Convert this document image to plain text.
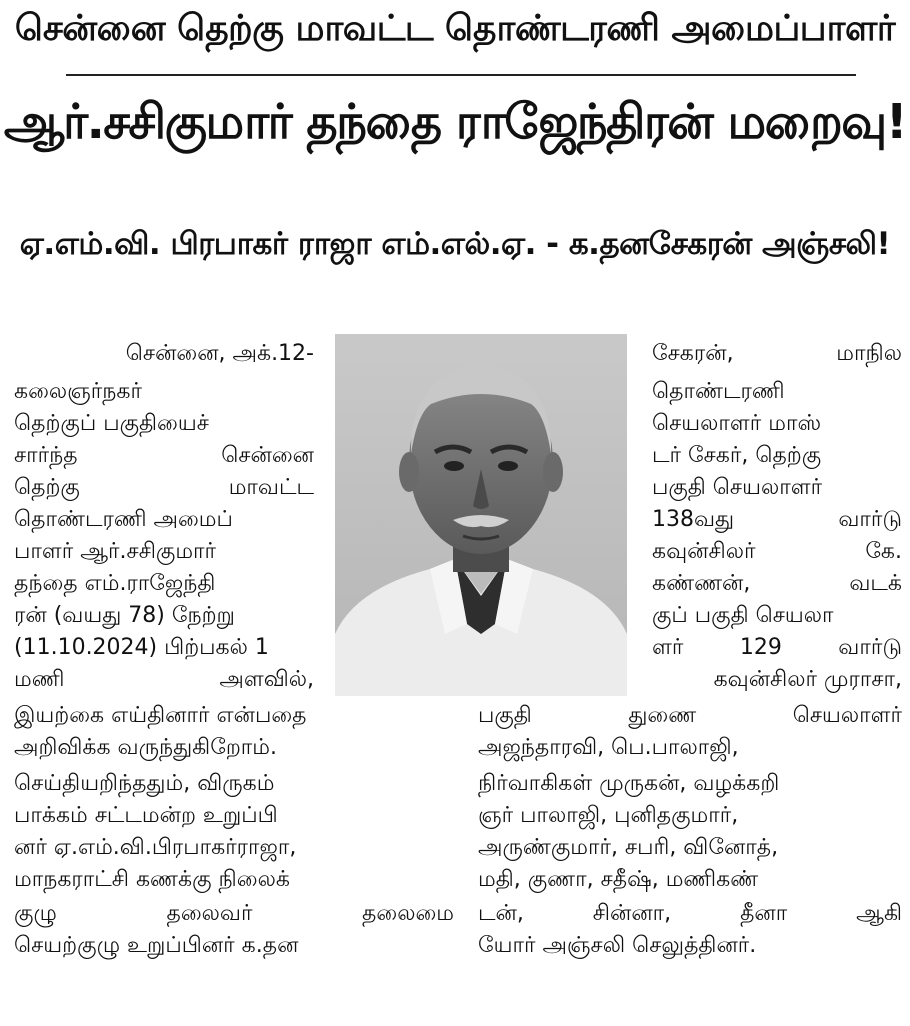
சென்னை தெற்கு மாவட்ட தொண்டரணி அமைப்பாளர்
ஆர்.சசிகுமார் தந்தை ராஜேந்திரன் மறைவு!
ஏ.எம்.வி. பிரபாகர் ராஜா எம்.எல்.ஏ. - க.தனசேகரன் அஞ்சலி!
சென்னை, அக்.12-
கலைஞர்நகர்
தெற்குப் பகுதியைச்
சார்ந்த சென்னை
தெற்கு மாவட்ட
தொண்டரணி அமைப்
பாளர் ஆர்.சசிகுமார்
தந்தை எம்.ராஜேந்தி
ரன் (வயது 78) நேற்று
(11.10.2024) பிற்பகல் 1
மணி அளவில்,
இயற்கை எய்தினார் என்பதை
அறிவிக்க வருந்துகிறோம்.
செய்தியறிந்ததும், விருகம்
பாக்கம் சட்டமன்ற உறுப்பி
னர் ஏ.எம்.வி.பிரபாகர்ராஜா,
மாநகராட்சி கணக்கு நிலைக்
குழு தலைவர் தலைமை
செயற்குழு உறுப்பினர் க.தன
சேகரன், மாநில
தொண்டரணி
செயலாளர் மாஸ்
டர் சேகர், தெற்கு
பகுதி செயலாளர்
138வது வார்டு
கவுன்சிலர் கே.
கண்ணன், வடக்
குப் பகுதி செயலா
ளர் 129 வார்டு
கவுன்சிலர் முராசா,
பகுதி துணை செயலாளர்
அஜந்தாரவி, பெ.பாலாஜி,
நிர்வாகிகள் முருகன், வழக்கறி
ஞர் பாலாஜி, புனிதகுமார்,
அருண்குமார், சபரி, வினோத்,
மதி, குணா, சதீஷ், மணிகண்
டன், சின்னா, தீனா ஆகி
யோர் அஞ்சலி செலுத்தினர்.
